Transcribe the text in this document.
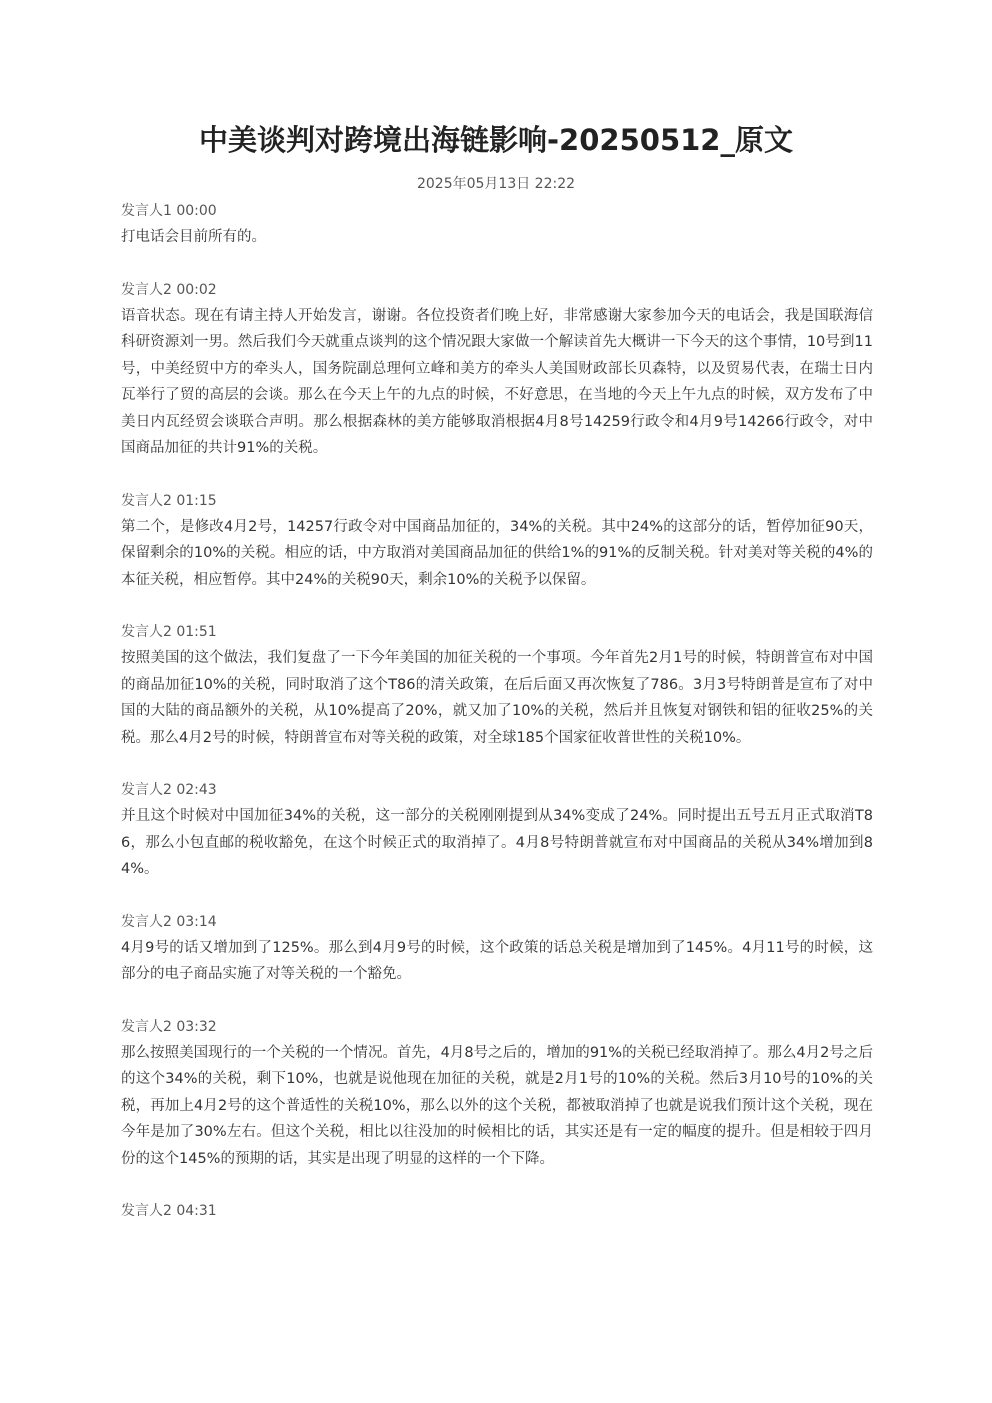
中美谈判对跨境出海链影响-20250512_原文
2025年05月13日 22:22
发言人1 00:00

打电话会目前所有的。

发言人2 00:02

语音状态。现在有请主持人开始发言，谢谢。各位投资者们晚上好，非常感谢大家参加今天的电话会，我是国联海信科研资源刘一男。然后我们今天就重点谈判的这个情况跟大家做一个解读首先大概讲一下今天的这个事情，10号到11号，中美经贸中方的牵头人，国务院副总理何立峰和美方的牵头人美国财政部长贝森特，以及贸易代表，在瑞士日内瓦举行了贸的高层的会谈。那么在今天上午的九点的时候，不好意思，在当地的今天上午九点的时候，双方发布了中美日内瓦经贸会谈联合声明。那么根据森林的美方能够取消根据4月8号14259行政令和4月9号14266行政令，对中国商品加征的共计91%的关税。

发言人2 01:15

第二个，是修改4月2号，14257行政令对中国商品加征的，34%的关税。其中24%的这部分的话，暂停加征90天，保留剩余的10%的关税。相应的话，中方取消对美国商品加征的供给1%的91%的反制关税。针对美对等关税的4%的本征关税，相应暂停。其中24%的关税90天，剩余10%的关税予以保留。

发言人2 01:51

按照美国的这个做法，我们复盘了一下今年美国的加征关税的一个事项。今年首先2月1号的时候，特朗普宣布对中国的商品加征10%的关税，同时取消了这个T86的清关政策，在后后面又再次恢复了786。3月3号特朗普是宣布了对中国的大陆的商品额外的关税，从10%提高了20%，就又加了10%的关税，然后并且恢复对钢铁和铝的征收25%的关税。那么4月2号的时候，特朗普宣布对等关税的政策，对全球185个国家征收普世性的关税10%。

发言人2 02:43

并且这个时候对中国加征34%的关税，这一部分的关税刚刚提到从34%变成了24%。同时提出五号五月正式取消T86，那么小包直邮的税收豁免，在这个时候正式的取消掉了。4月8号特朗普就宣布对中国商品的关税从34%增加到84%。

发言人2 03:14

4月9号的话又增加到了125%。那么到4月9号的时候，这个政策的话总关税是增加到了145%。4月11号的时候，这部分的电子商品实施了对等关税的一个豁免。

发言人2 03:32

那么按照美国现行的一个关税的一个情况。首先，4月8号之后的，增加的91%的关税已经取消掉了。那么4月2号之后的这个34%的关税，剩下10%，也就是说他现在加征的关税，就是2月1号的10%的关税。然后3月10号的10%的关税，再加上4月2号的这个普适性的关税10%，那么以外的这个关税，都被取消掉了也就是说我们预计这个关税，现在今年是加了30%左右。但这个关税，相比以往没加的时候相比的话，其实还是有一定的幅度的提升。但是相较于四月份的这个145%的预期的话，其实是出现了明显的这样的一个下降。

发言人2 04:31
